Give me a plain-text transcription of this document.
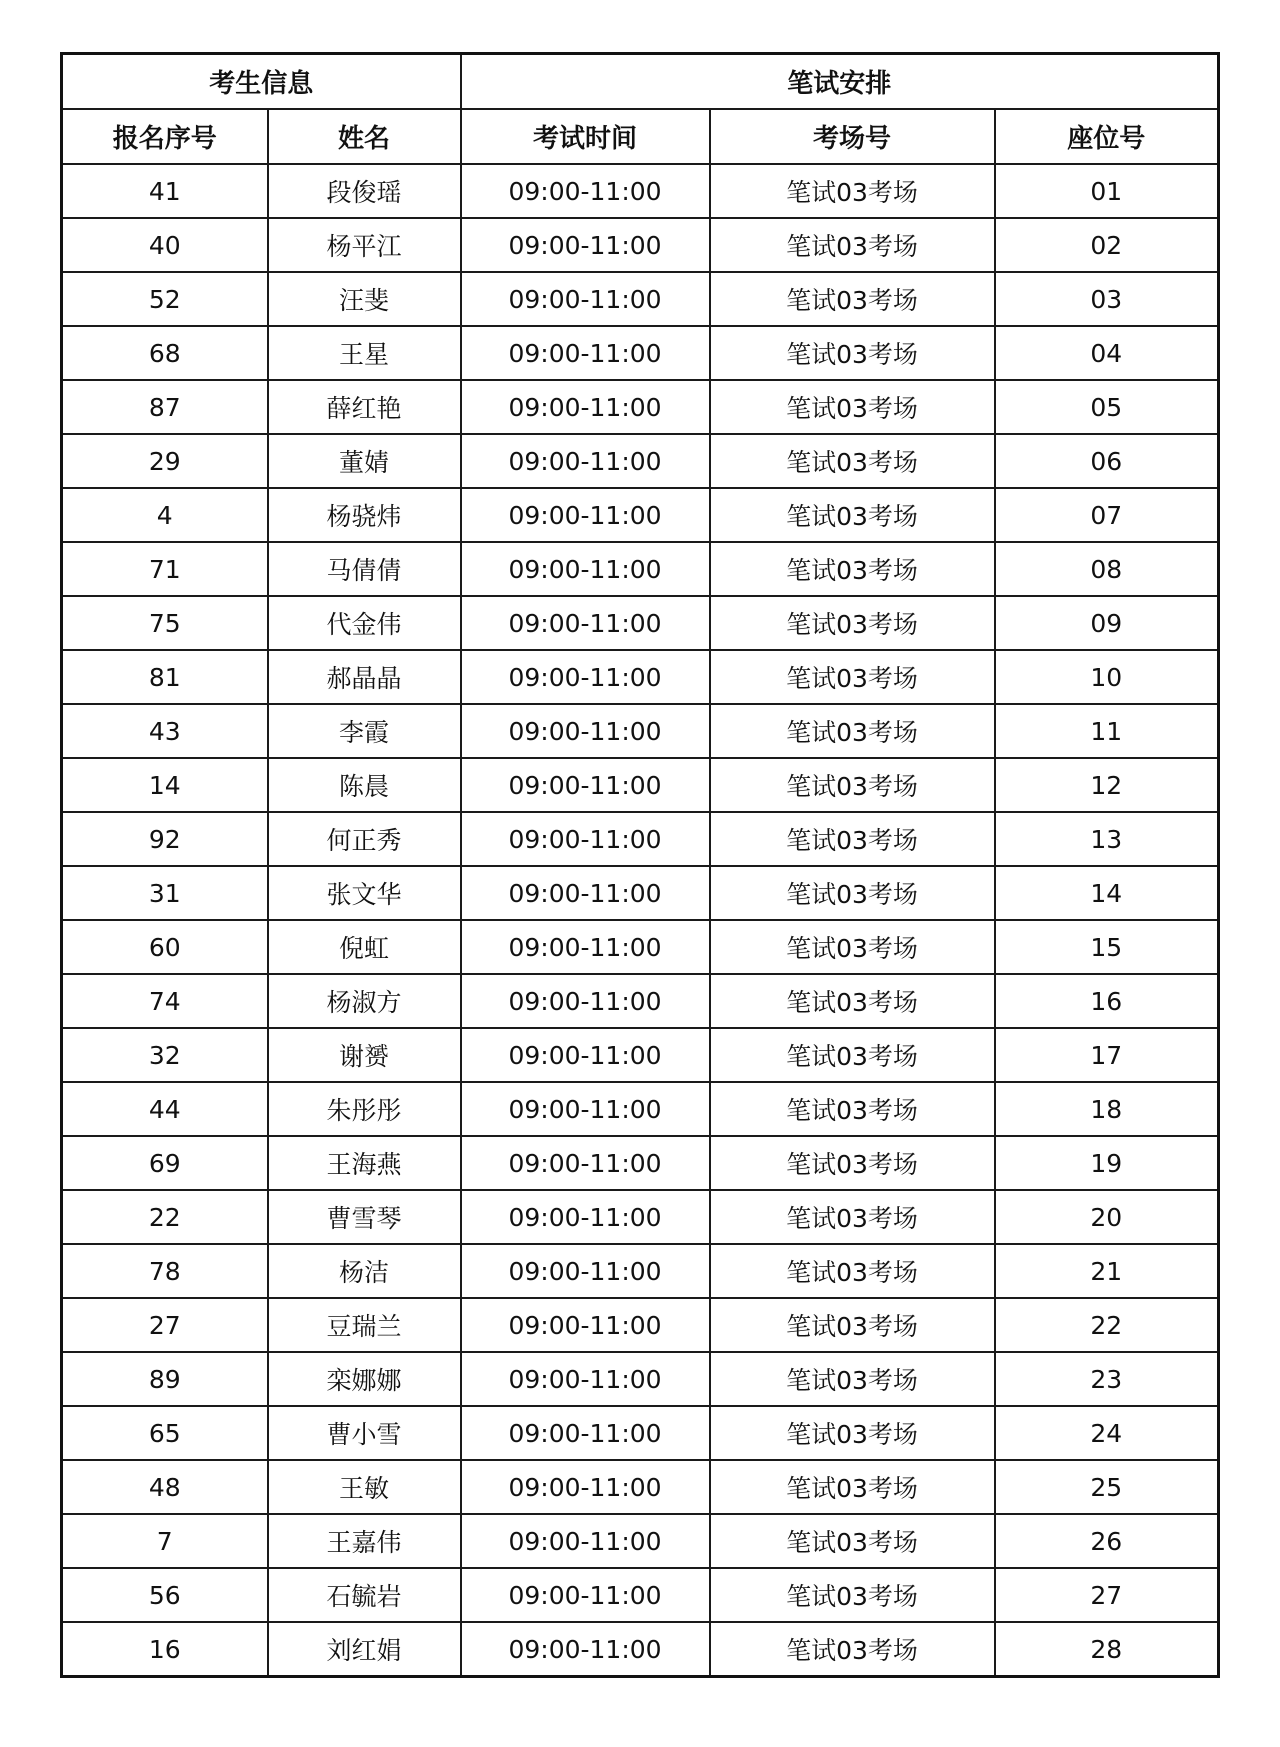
考生信息		笔试安排		
报名序号	姓名	考试时间	考场号	座位号
41	段俊瑶	09:00-11:00	笔试03考场	01
40	杨平江	09:00-11:00	笔试03考场	02
52	汪斐	09:00-11:00	笔试03考场	03
68	王星	09:00-11:00	笔试03考场	04
87	薛红艳	09:00-11:00	笔试03考场	05
29	董婧	09:00-11:00	笔试03考场	06
4	杨骁炜	09:00-11:00	笔试03考场	07
71	马倩倩	09:00-11:00	笔试03考场	08
75	代金伟	09:00-11:00	笔试03考场	09
81	郝晶晶	09:00-11:00	笔试03考场	10
43	李霞	09:00-11:00	笔试03考场	11
14	陈晨	09:00-11:00	笔试03考场	12
92	何正秀	09:00-11:00	笔试03考场	13
31	张文华	09:00-11:00	笔试03考场	14
60	倪虹	09:00-11:00	笔试03考场	15
74	杨淑方	09:00-11:00	笔试03考场	16
32	谢赟	09:00-11:00	笔试03考场	17
44	朱彤彤	09:00-11:00	笔试03考场	18
69	王海燕	09:00-11:00	笔试03考场	19
22	曹雪琴	09:00-11:00	笔试03考场	20
78	杨洁	09:00-11:00	笔试03考场	21
27	豆瑞兰	09:00-11:00	笔试03考场	22
89	栾娜娜	09:00-11:00	笔试03考场	23
65	曹小雪	09:00-11:00	笔试03考场	24
48	王敏	09:00-11:00	笔试03考场	25
7	王嘉伟	09:00-11:00	笔试03考场	26
56	石毓岩	09:00-11:00	笔试03考场	27
16	刘红娟	09:00-11:00	笔试03考场	28
